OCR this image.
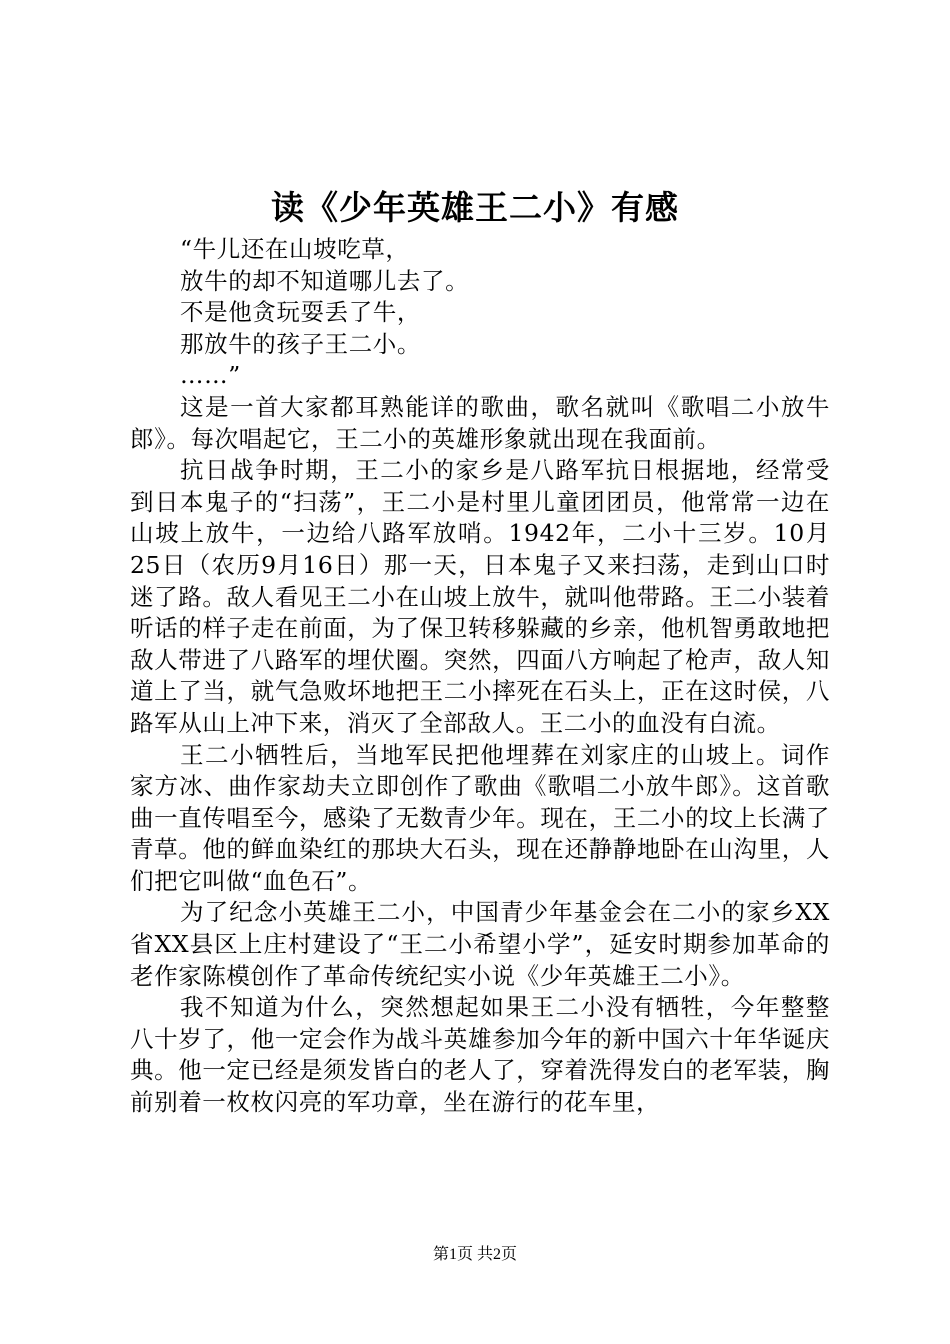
读《少年英雄王二小》有感

“牛儿还在山坡吃草，

放牛的却不知道哪儿去了。

不是他贪玩耍丢了牛，

那放牛的孩子王二小。

……”

这是一首大家都耳熟能详的歌曲，歌名就叫《歌唱二小放牛郎》。每次唱起它，王二小的英雄形象就出现在我面前。

抗日战争时期，王二小的家乡是八路军抗日根据地，经常受到日本鬼子的“扫荡”，王二小是村里儿童团团员，他常常一边在山坡上放牛，一边给八路军放哨。1942年，二小十三岁。10月25日（农历9月16日）那一天，日本鬼子又来扫荡，走到山口时迷了路。敌人看见王二小在山坡上放牛，就叫他带路。王二小装着听话的样子走在前面，为了保卫转移躲藏的乡亲，他机智勇敢地把敌人带进了八路军的埋伏圈。突然，四面八方响起了枪声，敌人知道上了当，就气急败坏地把王二小摔死在石头上，正在这时侯，八路军从山上冲下来，消灭了全部敌人。王二小的血没有白流。

王二小牺牲后，当地军民把他埋葬在刘家庄的山坡上。词作家方冰、曲作家劫夫立即创作了歌曲《歌唱二小放牛郎》。这首歌曲一直传唱至今，感染了无数青少年。现在，王二小的坟上长满了青草。他的鲜血染红的那块大石头，现在还静静地卧在山沟里，人们把它叫做“血色石”。

为了纪念小英雄王二小，中国青少年基金会在二小的家乡XX省XX县区上庄村建设了“王二小希望小学”，延安时期参加革命的老作家陈模创作了革命传统纪实小说《少年英雄王二小》。

我不知道为什么，突然想起如果王二小没有牺牲，今年整整八十岁了，他一定会作为战斗英雄参加今年的新中国六十年华诞庆典。他一定已经是须发皆白的老人了，穿着洗得发白的老军装，胸前别着一枚枚闪亮的军功章，坐在游行的花车里，

第1页 共2页
